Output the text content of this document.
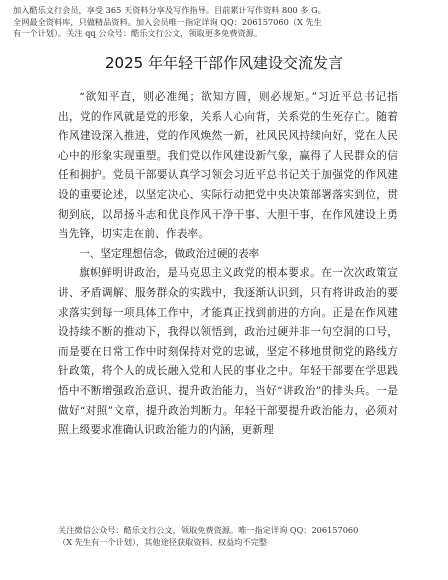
加入酷乐文行会员，享受 365 天资料分享及写作指导。目前累计写作资料 800 多 G。
全网最全资料库，只做精品资料。加入会员唯一指定详询 QQ：206157060（X 先生
有一个计划）。关注 qq 公众号：酷乐文行公文，领取更多免费资源。
2025 年年轻干部作风建设交流发言

“欲知平直，则必准绳；欲知方圆，则必规矩。”习近平总书记指出，党的作风就是党的形象，关系人心向背，关系党的生死存亡。随着作风建设深入推进，党的作风焕然一新，社风民风持续向好，党在人民心中的形象实现重塑。我们党以作风建设新气象，赢得了人民群众的信任和拥护。党员干部要认真学习领会习近平总书记关于加强党的作风建设的重要论述，以坚定决心、实际行动把党中央决策部署落实到位，贯彻到底，以昂扬斗志和优良作风干净干事、大胆干事，在作风建设上勇当先锋，切实走在前、作表率。

一、坚定理想信念，做政治过硬的表率

旗帜鲜明讲政治，是马克思主义政党的根本要求。在一次次政策宣讲、矛盾调解、服务群众的实践中，我逐渐认识到，只有将讲政治的要求落实到每一项具体工作中，才能真正找到前进的方向。正是在作风建设持续不断的推动下，我得以领悟到，政治过硬并非一句空洞的口号，而是要在日常工作中时刻保持对党的忠诚，坚定不移地贯彻党的路线方针政策，将个人的成长融入党和人民的事业之中。年轻干部要在学思践悟中不断增强政治意识、提升政治能力，当好“讲政治”的排头兵。一是做好“对照”文章，提升政治判断力。年轻干部要提升政治能力，必须对照上级要求准确认识政治能力的内涵，更新理

关注微信公众号：酷乐文行公文，领取免费资源。唯一指定详询 QQ：206157060
（X 先生有一个计划），其他途径获取资料、权益均不完整
